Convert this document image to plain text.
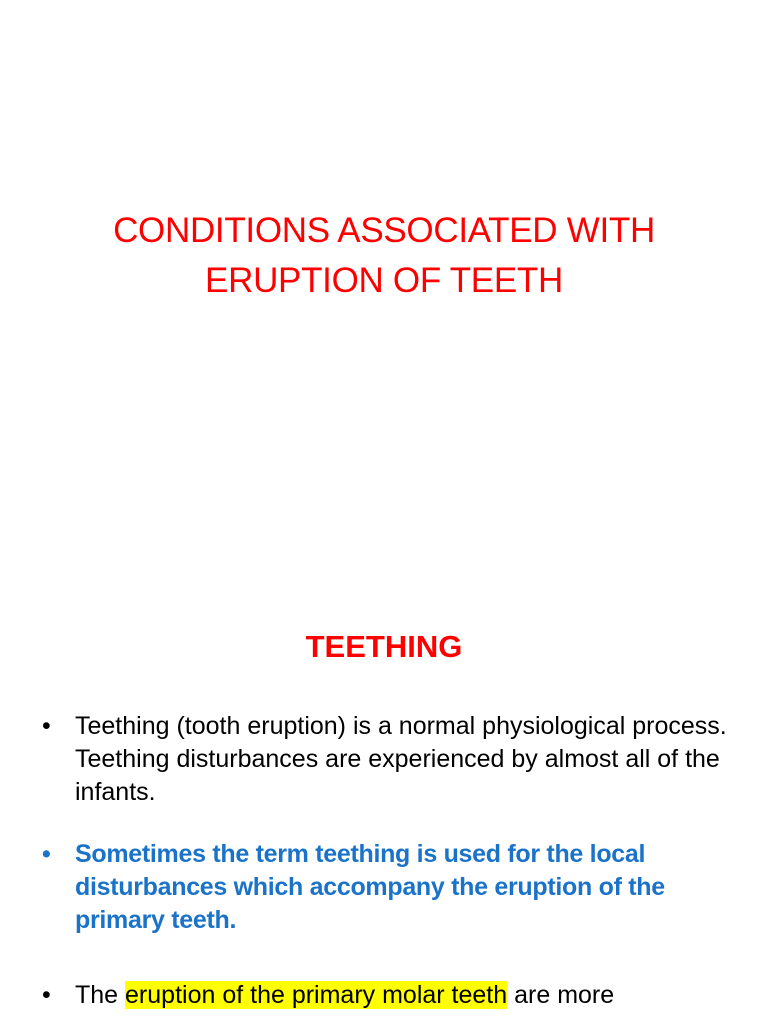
CONDITIONS ASSOCIATED WITH
ERUPTION OF TEETH
TEETHING
• Teething (tooth eruption) is a normal physiological process. Teething disturbances are experienced by almost all of the infants.
• Sometimes the term teething is used for the local disturbances which accompany the eruption of the primary teeth.
• The eruption of the primary molar teeth are more
